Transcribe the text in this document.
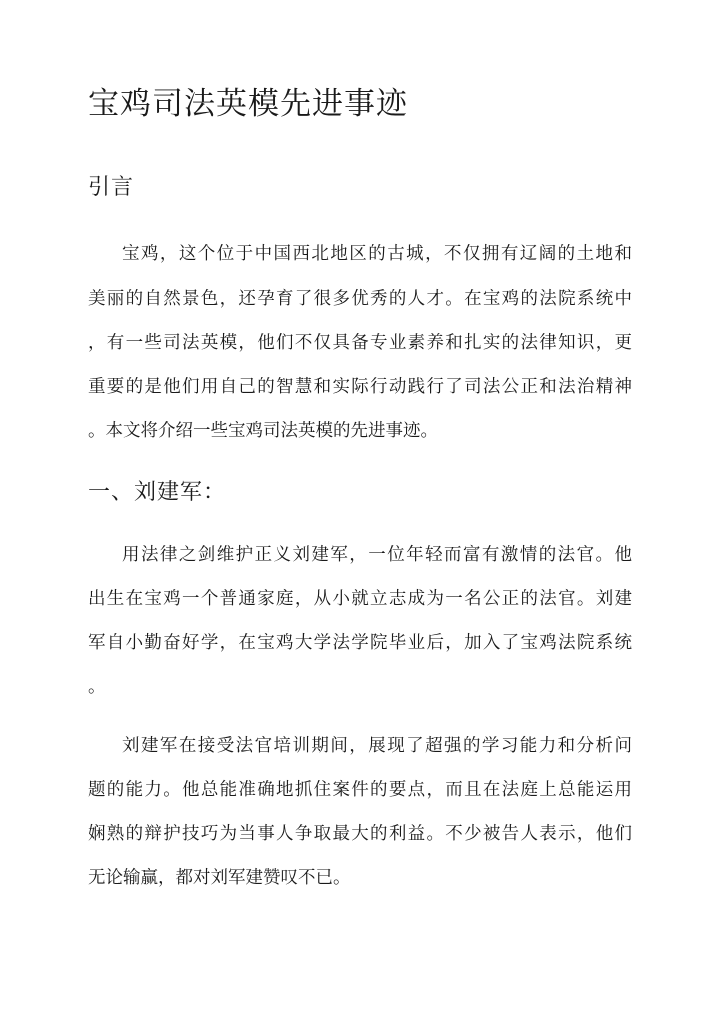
宝鸡司法英模先进事迹
引言

宝鸡，这个位于中国西北地区的古城，不仅拥有辽阔的土地和

美丽的自然景色，还孕育了很多优秀的人才。在宝鸡的法院系统中

，有一些司法英模，他们不仅具备专业素养和扎实的法律知识，更

重要的是他们用自己的智慧和实际行动践行了司法公正和法治精神

。本文将介绍一些宝鸡司法英模的先进事迹。

一、刘建军：

用法律之剑维护正义刘建军，一位年轻而富有激情的法官。他

出生在宝鸡一个普通家庭，从小就立志成为一名公正的法官。刘建

军自小勤奋好学，在宝鸡大学法学院毕业后，加入了宝鸡法院系统

。

刘建军在接受法官培训期间，展现了超强的学习能力和分析问

题的能力。他总能准确地抓住案件的要点，而且在法庭上总能运用

娴熟的辩护技巧为当事人争取最大的利益。不少被告人表示，他们

无论输赢，都对刘军建赞叹不已。
